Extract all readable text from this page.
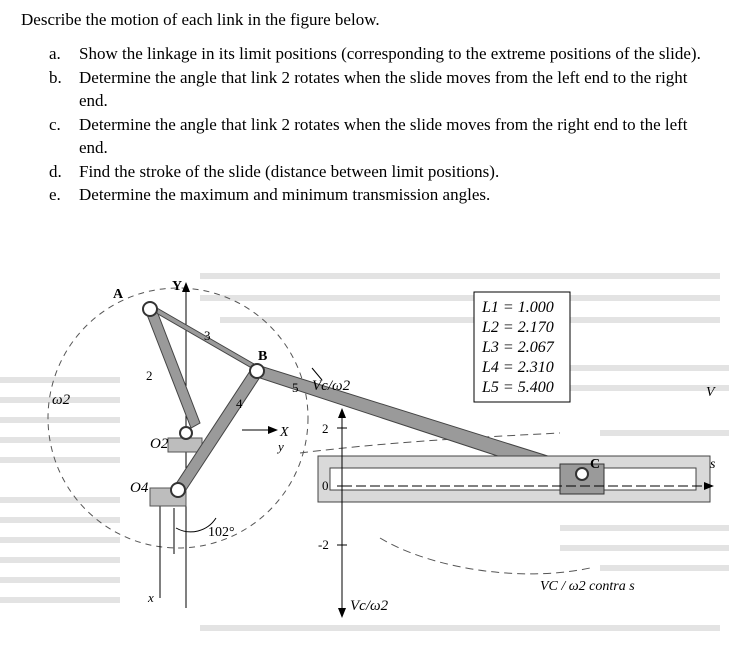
Describe the motion of each link in the figure below.
a. Show the linkage in its limit positions (corresponding to the extreme positions of the slide).
b. Determine the angle that link 2 rotates when the slide moves from the left end to the right end.
c. Determine the angle that link 2 rotates when the slide moves from the right end to the left end.
d. Find the stroke of the slide (distance between limit positions).
e. Determine the maximum and minimum transmission angles.
A
Y
B
C
O2
O4
X
y
x
2
3
4
5
ω2
2
0
-2
102°
Vc/ω2
Vc/ω2
V
s
VC / ω2 contra s
L1 = 1.000
L2 = 2.170
L3 = 2.067
L4 = 2.310
L5 = 5.400
